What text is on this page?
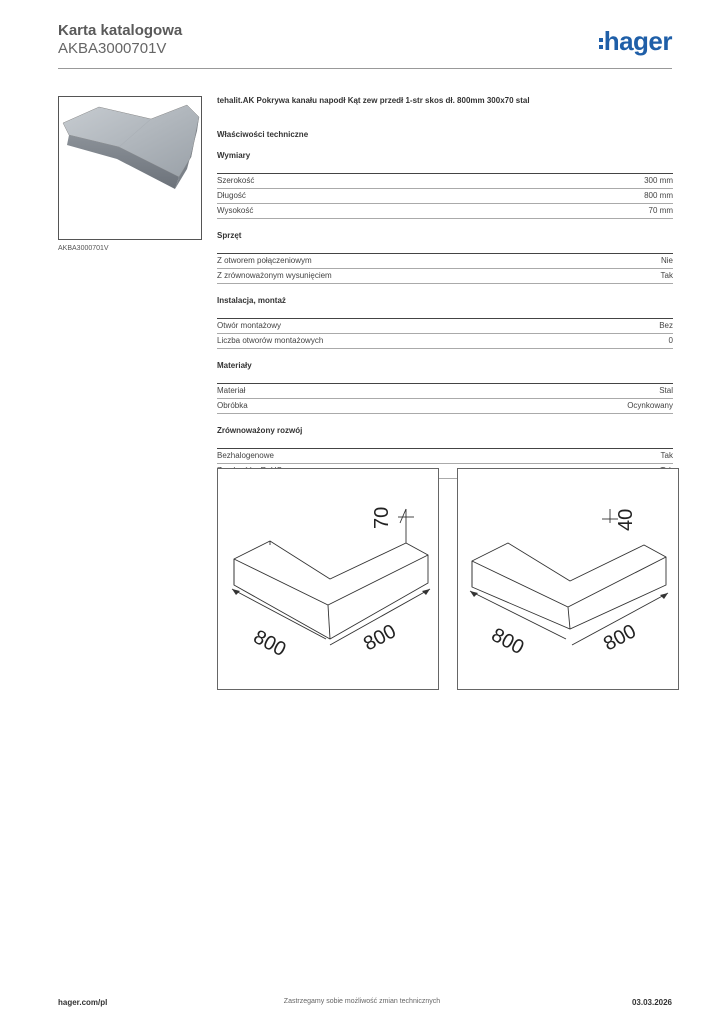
Karta katalogowa
AKBA3000701V	hager
AKBA3000701V
tehalit.AK Pokrywa kanału napodł Kąt zew przedł 1-str skos dł. 800mm 300x70 stal
Właściwości techniczne
Wymiary
Szerokość	300 mm
Długość	800 mm
Wysokość	70 mm
Sprzęt
Z otworem połączeniowym	Nie
Z zrównoważonym wysunięciem	Tak
Instalacja, montaż
Otwór montażowy	Bez
Liczba otworów montażowych	0
Materiały
Materiał	Stal
Obróbka	Ocynkowany
Zrównoważony rozwój
Bezhalogenowe	Tak
70
800	800
40
800	800
hager.com/pl	Zastrzegamy sobie możliwość zmian technicznych	03.03.2026
